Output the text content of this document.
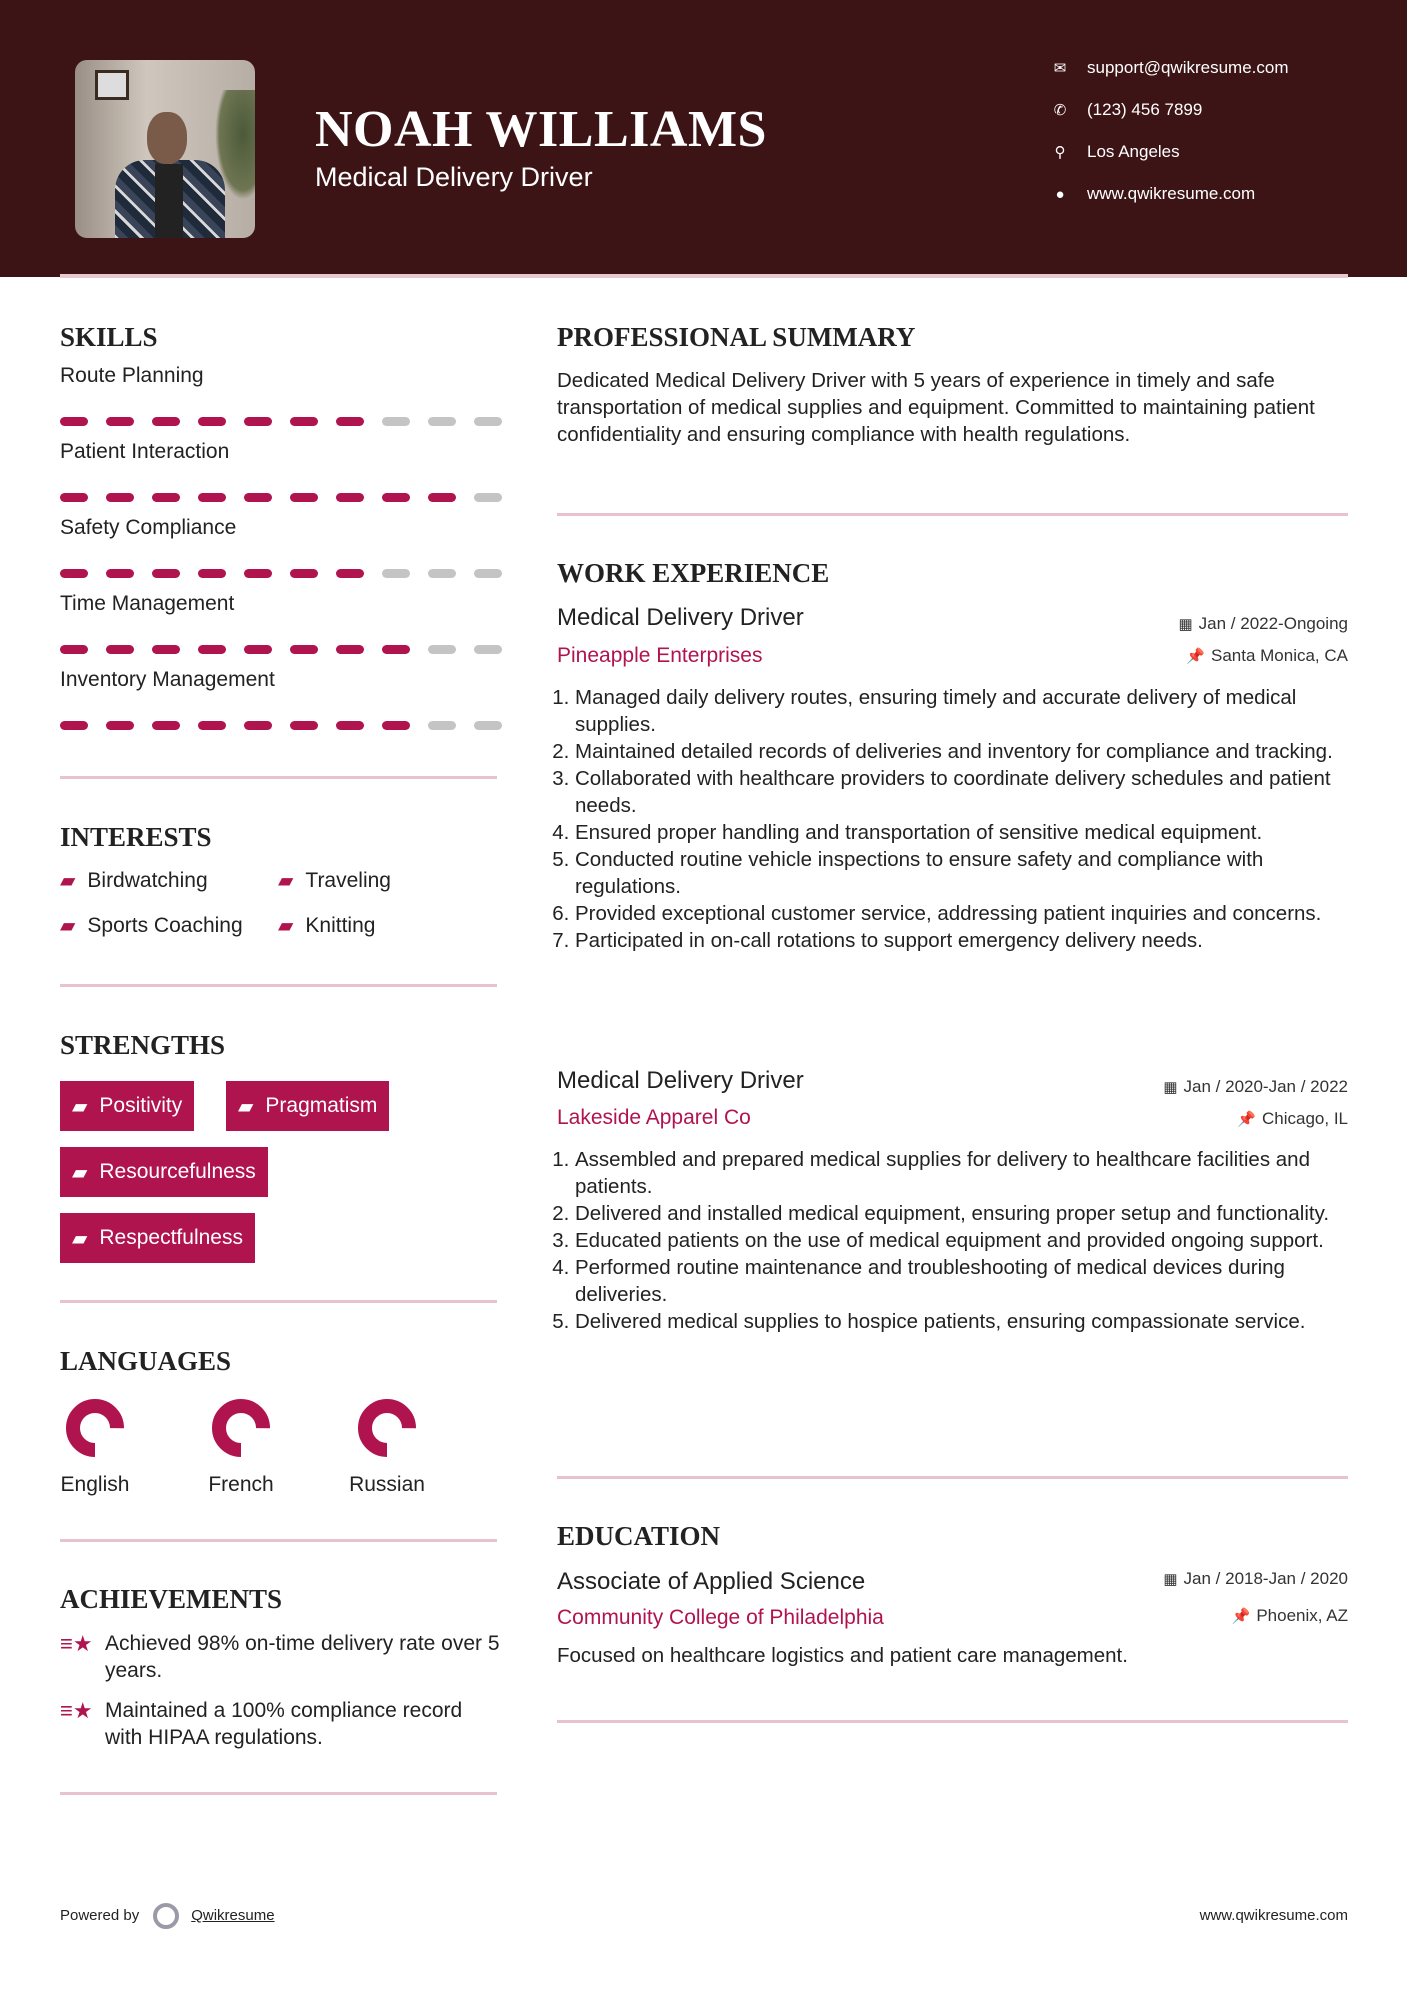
NOAH WILLIAMS
Medical Delivery Driver
✉ support@qwikresume.com
✆ (123) 456 7899
⚲ Los Angeles
●	www.qwikresume.com
SKILLS
Route Planning
Patient Interaction
Safety Compliance
Time Management
Inventory Management
INTERESTS
▰ Birdwatching	▰ Traveling
▰ Sports Coaching ▰ Knitting
STRENGTHS
▰ Positivity	▰ Pragmatism
▰ Resourcefulness
▰ Respectfulness
LANGUAGES
English	French	Russian
ACHIEVEMENTS
≡★ Achieved 98% on-time delivery rate over 5 years.
≡★ Maintained a 100% compliance record with HIPAA regulations.
PROFESSIONAL SUMMARY
Dedicated Medical Delivery Driver with 5 years of experience in timely and safe transportation of medical supplies and equipment. Committed to maintaining patient confidentiality and ensuring compliance with health regulations.
WORK EXPERIENCE
Medical Delivery Driver	▦ Jan / 2022-Ongoing
Pineapple Enterprises	📌 Santa Monica, CA
1. Managed daily delivery routes, ensuring timely and accurate delivery of medical supplies.
2. Maintained detailed records of deliveries and inventory for compliance and tracking.
3. Collaborated with healthcare providers to coordinate delivery schedules and patient needs.
4. Ensured proper handling and transportation of sensitive medical equipment.
5. Conducted routine vehicle inspections to ensure safety and compliance with regulations.
6. Provided exceptional customer service, addressing patient inquiries and concerns.
7. Participated in on-call rotations to support emergency delivery needs.
Medical Delivery Driver	▦ Jan / 2020-Jan / 2022
Lakeside Apparel Co	📌 Chicago, IL
1. Assembled and prepared medical supplies for delivery to healthcare facilities and patients.
2. Delivered and installed medical equipment, ensuring proper setup and functionality.
3. Educated patients on the use of medical equipment and provided ongoing support.
4. Performed routine maintenance and troubleshooting of medical devices during deliveries.
5. Delivered medical supplies to hospice patients, ensuring compassionate service.
EDUCATION
Associate of Applied Science	▦ Jan / 2018-Jan / 2020
Community College of Philadelphia	📌 Phoenix, AZ
Focused on healthcare logistics and patient care management.
Powered by	Qwikresume	www.qwikresume.com
